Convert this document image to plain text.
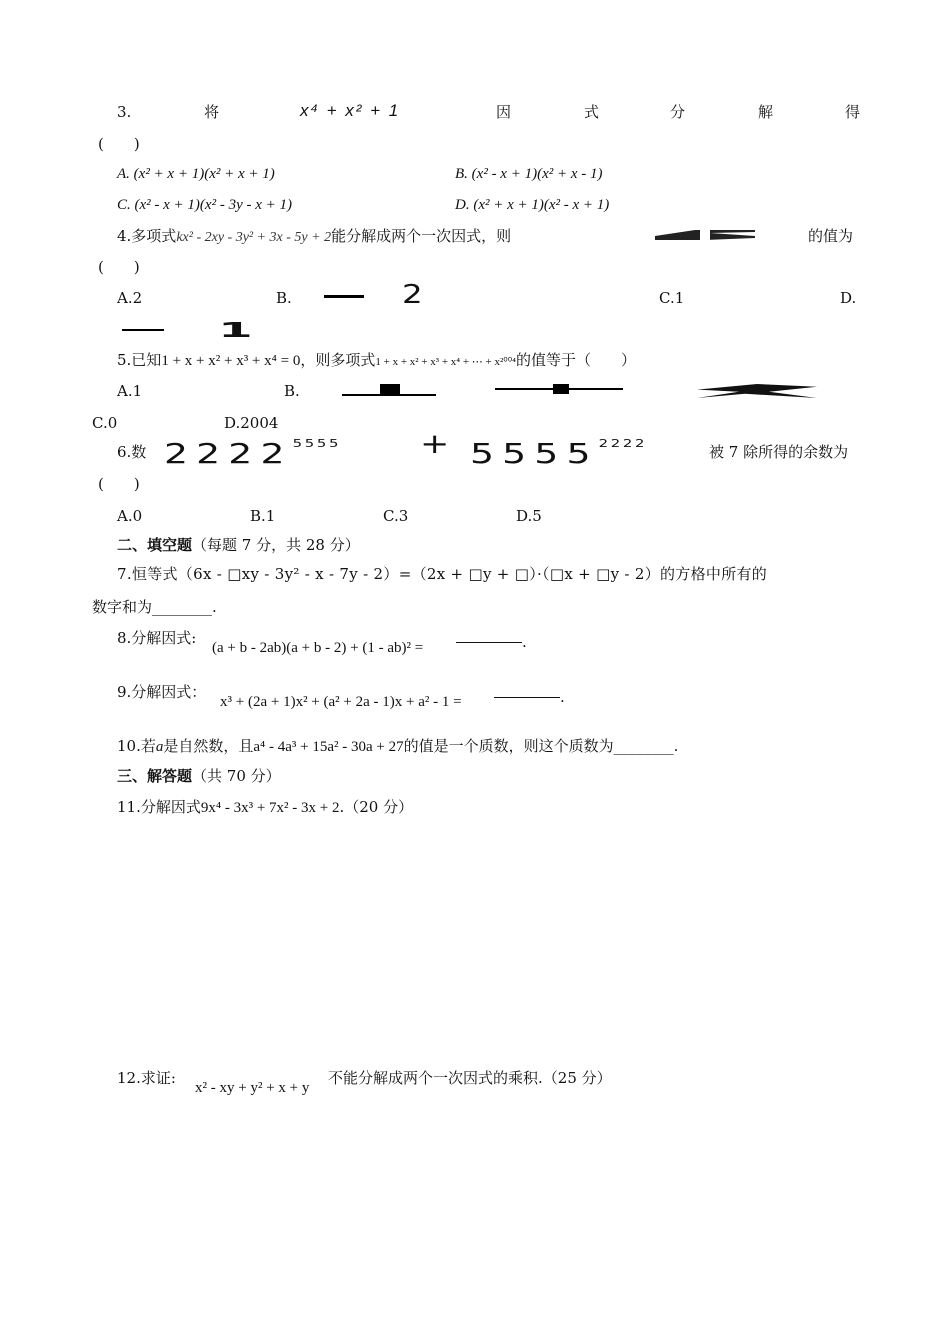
3.	将	x⁴ + x² + 1	因	式	分	解	得
(　　)
A. (x² + x + 1)(x² + x + 1)	B. (x² - x + 1)(x² + x - 1)
C. (x² - x + 1)(x² - 3y - x + 1)	D. (x² + x + 1)(x² - x + 1)
4.多项式kx² - 2xy - 3y² + 3x - 5y + 2能分解成两个一次因式，则	的值为
(　　)
A.2	B.	2	C.1	D.
1
5.已知1 + x + x² + x³ + x⁴ = 0，则多项式1 + x + x² + x³ + x⁴ + ⋯ + x²⁰⁰⁴的值等于（　　）
A.1	B.
C.0	D.2004
6.数 $2222^{5555}$	+ $5555^{2222}$	被 7 除所得的余数为
(　　)
A.0	B.1	C.3	D.5
二、填空题（每题 7 分，共 28 分）
7.恒等式（6x - □xy - 3y² - x - 7y - 2）=（2x + □y + □）·（□x + □y - 2）的方格中所有的
数字和为________.
8.分解因式:
(a + b - 2ab)(a + b - 2) + (1 - ab)² =	.
9.分解因式：
x³ + (2a + 1)x² + (a² + 2a - 1)x + a² - 1 =	.
10.若a是自然数，且a⁴ - 4a³ + 15a² - 30a + 27的值是一个质数，则这个质数为________.
三、解答题（共 70 分）
11.分解因式9x⁴ - 3x³ + 7x² - 3x + 2.（20 分）
12.求证:
x² - xy + y² + x + y
不能分解成两个一次因式的乘积.（25 分）
